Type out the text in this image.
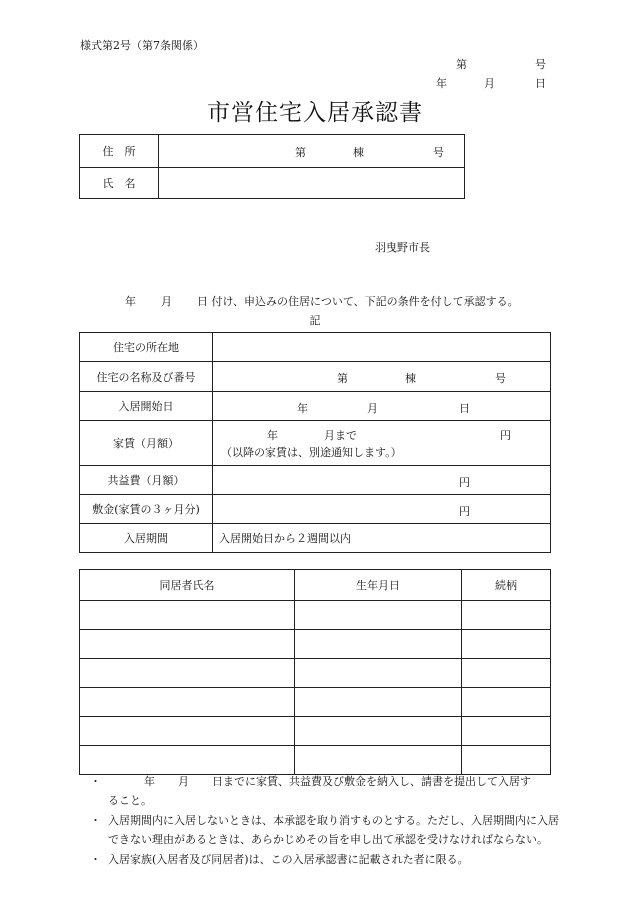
様式第2号（第7条関係）
第	号
年	月	日
市営住宅入居承認書
住　所	第 棟 号

氏　名	
羽曳野市長
年 月 日 付け、申込みの住居について、下記の条件を付して承認する。
記
住宅の所在地	
住宅の名称及び番号	第 棟 号

入居開始日	年 月 日

家賃（月額）	年 月まで 円
（以降の家賃は、別途通知します。）

共益費（月額）	円

敷金(家賃の３ヶ月分)	円

入居期間	入居開始日から２週間以内
同居者氏名	生年月日	続柄

・	年 月 日までに家賃、共益費及び敷金を納入し、請書を提出して入居す
ること。
・ 入居期間内に入居しないときは、本承認を取り消すものとする。ただし、入居期間内に入居できない理由があるときは、あらかじめその旨を申し出て承認を受けなければならない。
・ 入居家族(入居者及び同居者)は、この入居承認書に記載された者に限る。
